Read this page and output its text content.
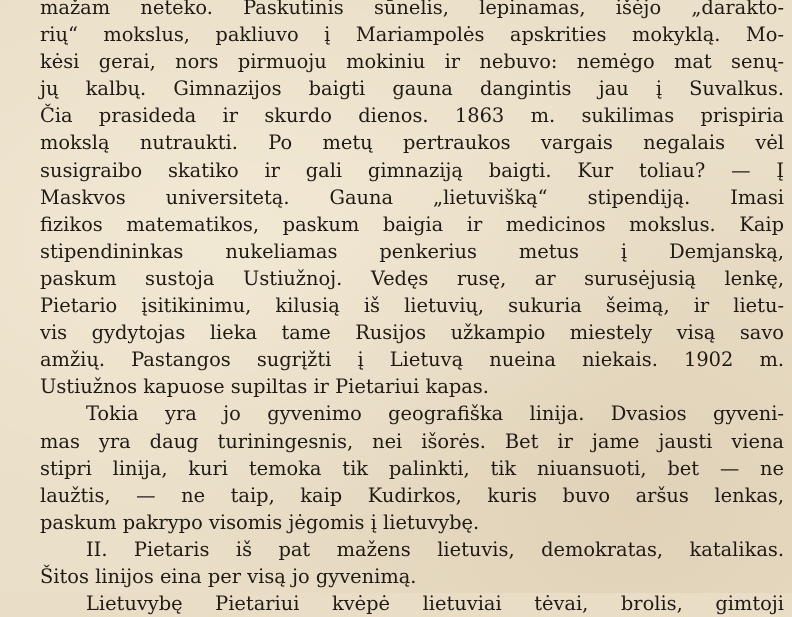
mažam neteko. Paskutinis sūnelis, lepinamas, išėjo „darakto-
rių“ mokslus, pakliuvo į Mariampolės apskrities mokyklą. Mo-
kėsi gerai, nors pirmuoju mokiniu ir nebuvo: nemėgo mat senų-
jų kalbų. Gimnazijos baigti gauna dangintis jau į Suvalkus.
Čia prasideda ir skurdo dienos. 1863 m. sukilimas prispiria
mokslą nutraukti. Po metų pertraukos vargais negalais vėl
susigraibo skatiko ir gali gimnaziją baigti. Kur toliau? — Į
Maskvos universitetą. Gauna „lietuvišką“ stipendiją. Imasi
fizikos matematikos, paskum baigia ir medicinos mokslus. Kaip
stipendininkas nukeliamas penkerius metus į Demjanską,
paskum sustoja Ustiužnoj. Vedęs rusę, ar surusėjusią lenkę,
Pietario įsitikinimu, kilusią iš lietuvių, sukuria šeimą, ir lietu-
vis gydytojas lieka tame Rusijos užkampio miestely visą savo
amžių. Pastangos sugrįžti į Lietuvą nueina niekais. 1902 m.
Ustiužnos kapuose supiltas ir Pietariui kapas.
Tokia yra jo gyvenimo geografiška linija. Dvasios gyveni-
mas yra daug turiningesnis, nei išorės. Bet ir jame jausti viena
stipri linija, kuri temoka tik palinkti, tik niuansuoti, bet — ne
laužtis, — ne taip, kaip Kudirkos, kuris buvo aršus lenkas,
paskum pakrypo visomis jėgomis į lietuvybę.
II. Pietaris iš pat mažens lietuvis, demokratas, katalikas.
Šitos linijos eina per visą jo gyvenimą.
Lietuvybę Pietariui kvėpė lietuviai tėvai, brolis, gimtoji
